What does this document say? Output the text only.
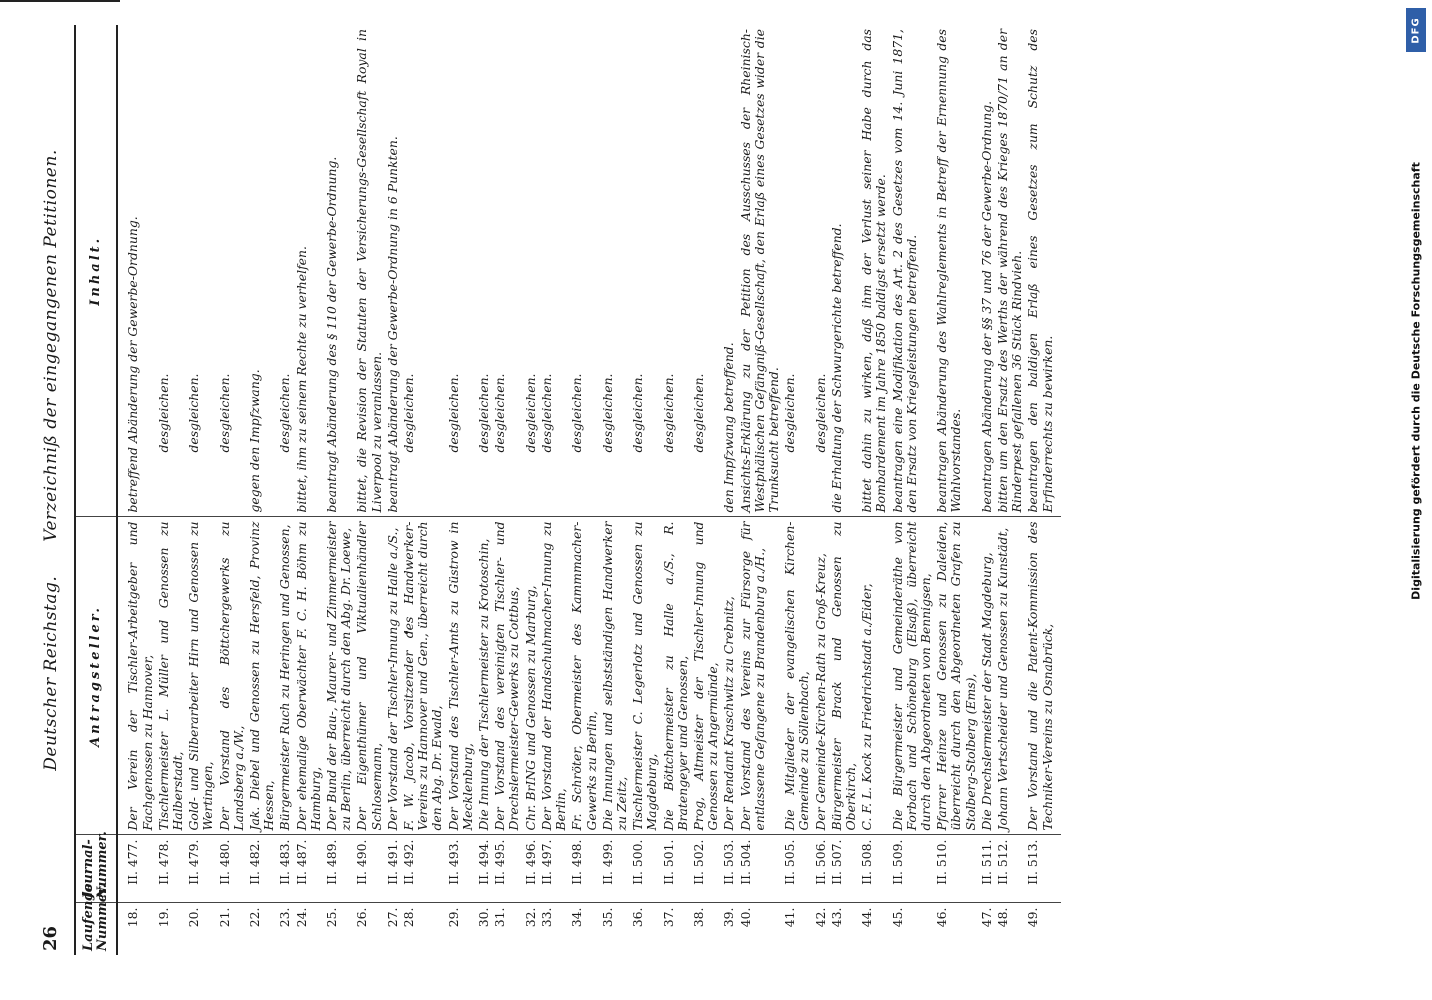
DFG
Digitalisierung gefördert durch die Deutsche Forschungsgemeinschaft
26
Deutscher Reichstag.Verzeichniß der eingegangenen Petitionen.
Laufende Nummer.	Journal-Nummer.	Antragsteller.	Inhalt.
18.	II. 477.	Der Verein der Tischler-Arbeitgeber und Fachgenossen zu Hannover,	betreffend Abänderung der Gewerbe-Ordnung.
19.	II. 478.	Tischlermeister L. Müller und Genossen zu Halberstadt,	desgleichen.
20.	II. 479.	Gold- und Silberarbeiter Hirn und Genossen zu Wertingen,	desgleichen.
21.	II. 480.	Der Vorstand des Böttchergewerks zu Landsberg a./W.,	desgleichen.
22.	II. 482.	Jak. Diebel und Genossen zu Hersfeld, Provinz Hessen,	gegen den Impfzwang.
23.	II. 483.	Bürgermeister Ruch zu Heringen und Genossen,	desgleichen.
24.	II. 487.	Der ehemalige Oberwächter F. C. H. Böhm zu Hamburg,	bittet, ihm zu seinem Rechte zu verhelfen.
25.	II. 489.	Der Bund der Bau-, Maurer- und Zimmermeister zu Berlin, überreicht durch den Abg. Dr. Loewe,	beantragt Abänderung des § 110 der Gewerbe-Ordnung.
26.	II. 490.	Der Eigenthümer und Viktualienhändler Schlosemann,	bittet, die Revision der Statuten der Versicherungs-Gesellschaft Royal in Liverpool zu veranlassen.
27.	II. 491.	Der Vorstand der Tischler-Innung zu Halle a./S.,	beantragt Abänderung der Gewerbe-Ordnung in 6 Punkten.
28.	II. 492.	F. W. Jacob, Vorsitzender des Handwerker-Vereins zu Hannover und Gen., überreicht durch den Abg. Dr. Ewald,	desgleichen.
29.	II. 493.	Der Vorstand des Tischler-Amts zu Güstrow in Mecklenburg,	desgleichen.
30.	II. 494.	Die Innung der Tischlermeister zu Krotoschin,	desgleichen.
31.	II. 495.	Der Vorstand des vereinigten Tischler- und Drechslermeister-Gewerks zu Cottbus,	desgleichen.
32.	II. 496.	Chr. BrING und Genossen zu Marburg,	desgleichen.
33.	II. 497.	Der Vorstand der Handschuhmacher-Innung zu Berlin,	desgleichen.
34.	II. 498.	Fr. Schröter, Obermeister des Kammmacher-Gewerks zu Berlin,	desgleichen.
35.	II. 499.	Die Innungen und selbstständigen Handwerker zu Zeitz,	desgleichen.
36.	II. 500.	Tischlermeister C. Legerlotz und Genossen zu Magdeburg,	desgleichen.
37.	II. 501.	Die Böttchermeister zu Halle a./S., R. Bratengeyer und Genossen,	desgleichen.
38.	II. 502.	Prog, Altmeister der Tischler-Innung und Genossen zu Angermünde,	desgleichen.
39.	II. 503.	Der Rendant Kraschwitz zu Crebnitz,	den Impfzwang betreffend.
40.	II. 504.	Der Vorstand des Vereins zur Fürsorge für entlassene Gefangene zu Brandenburg a./H.,	Ansichts-Erklärung zu der Petition des Ausschusses der Rheinisch-Westphälischen Gefängniß-Gesellschaft, den Erlaß eines Gesetzes wider die Trunksucht betreffend.
41.	II. 505.	Die Mitglieder der evangelischen Kirchen-Gemeinde zu Söllenbach,	desgleichen.
42.	II. 506.	Der Gemeinde-Kirchen-Rath zu Groß-Kreuz,	desgleichen.
43.	II. 507.	Bürgermeister Brack und Genossen zu Oberkirch,	die Erhaltung der Schwurgerichte betreffend.
44.	II. 508.	C. F. L. Kock zu Friedrichstadt a./Eider,	bittet dahin zu wirken, daß ihm der Verlust seiner Habe durch das Bombardement im Jahre 1850 baldigst ersetzt werde.
45.	II. 509.	Die Bürgermeister und Gemeinderäthe von Forbach und Schöneburg (Elsaß), überreicht durch den Abgeordneten von Bennigsen,	beantragen eine Modifikation des Art. 2 des Gesetzes vom 14. Juni 1871, den Ersatz von Kriegsleistungen betreffend.
46.	II. 510.	Pfarrer Heinze und Genossen zu Daleiden, überreicht durch den Abgeordneten Grafen zu Stolberg-Stolberg (Ems),	beantragen Abänderung des Wahlreglements in Betreff der Ernennung des Wahlvorstandes.
47.	II. 511.	Die Drechslermeister der Stadt Magdeburg,	beantragen Abänderung der §§ 37 und 76 der Gewerbe-Ordnung.
48.	II. 512.	Johann Vertscheider und Genossen zu Kunstädt,	bitten um den Ersatz des Werths der während des Krieges 1870/71 an der Rinderpest gefallenen 36 Stück Rindvieh.
49.	II. 513.	Der Vorstand und die Patent-Kommission des Techniker-Vereins zu Osnabrück,	beantragen den baldigen Erlaß eines Gesetzes zum Schutz des Erfinderrechts zu bewirken.
